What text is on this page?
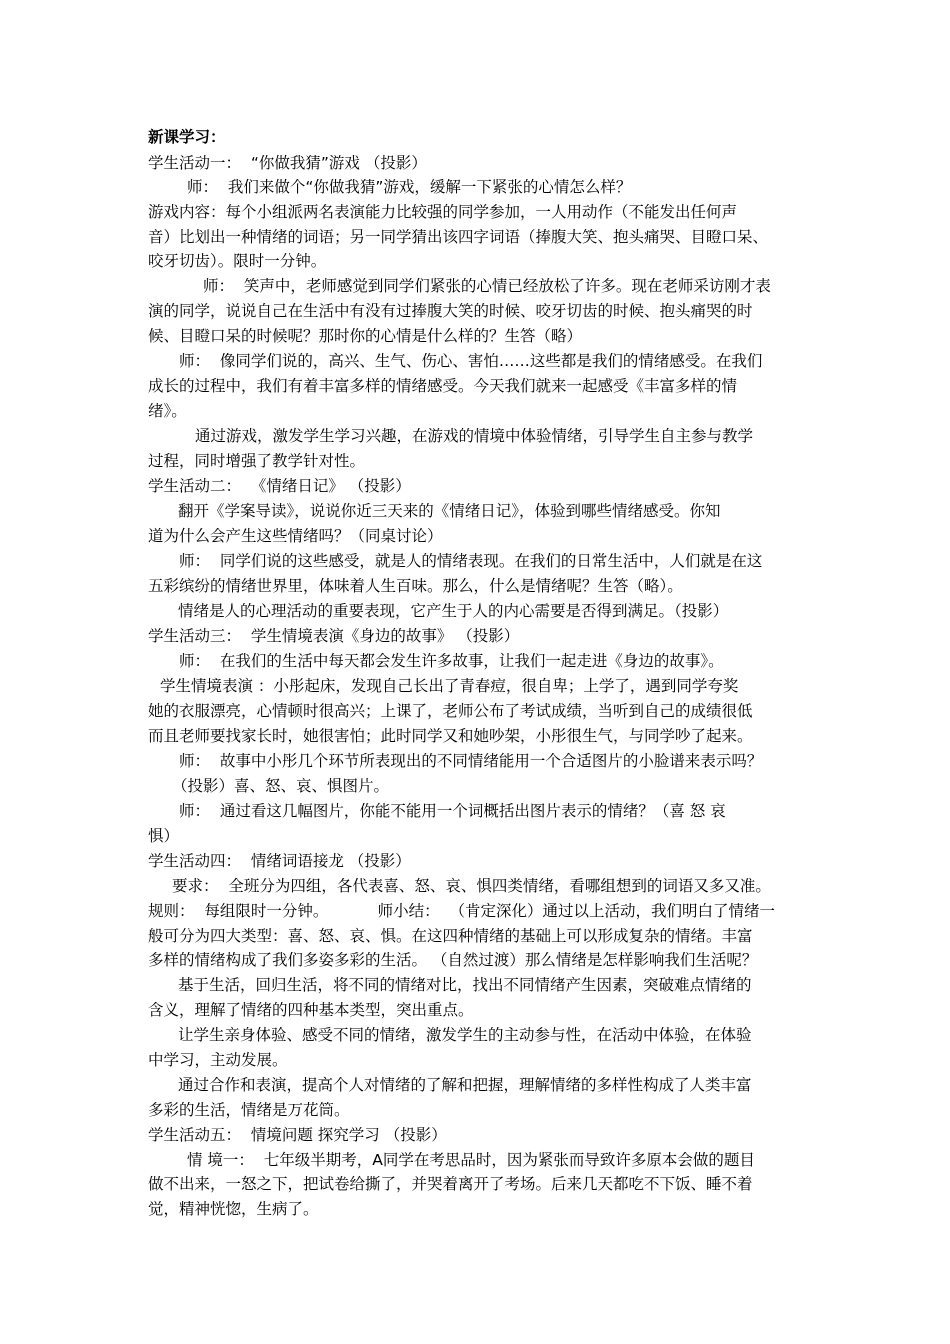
新课学习：

学生活动一：  “你做我猜”游戏 （投影）

师：  我们来做个“你做我猜”游戏，缓解一下紧张的心情怎么样？

游戏内容：每个小组派两名表演能力比较强的同学参加，一人用动作（不能发出任何声

音）比划出一种情绪的词语；另一同学猜出该四字词语（捧腹大笑、抱头痛哭、目瞪口呆、

咬牙切齿）。限时一分钟。

师：  笑声中，老师感觉到同学们紧张的心情已经放松了许多。现在老师采访刚才表

演的同学，说说自己在生活中有没有过捧腹大笑的时候、咬牙切齿的时候、抱头痛哭的时

候、目瞪口呆的时候呢？那时你的心情是什么样的？生答（略）

师：  像同学们说的，高兴、生气、伤心、害怕……这些都是我们的情绪感受。在我们

成长的过程中，我们有着丰富多样的情绪感受。今天我们就来一起感受《丰富多样的情

绪》。

通过游戏，激发学生学习兴趣，在游戏的情境中体验情绪，引导学生自主参与教学

过程，同时增强了教学针对性。

学生活动二：  《情绪日记》 （投影）

翻开《学案导读》，说说你近三天来的《情绪日记》，体验到哪些情绪感受。你知

道为什么会产生这些情绪吗？（同桌讨论）

师：  同学们说的这些感受，就是人的情绪表现。在我们的日常生活中，人们就是在这

五彩缤纷的情绪世界里，体味着人生百味。那么，什么是情绪呢？生答（略）。

情绪是人的心理活动的重要表现，它产生于人的内心需要是否得到满足。（投影）

学生活动三：  学生情境表演《身边的故事》 （投影）

师：  在我们的生活中每天都会发生许多故事，让我们一起走进《身边的故事》。

学生情境表演 ：小彤起床，发现自己长出了青春痘，很自卑；上学了，遇到同学夸奖

她的衣服漂亮，心情顿时很高兴；上课了，老师公布了考试成绩，当听到自己的成绩很低

而且老师要找家长时，她很害怕；此时同学又和她吵架，小彤很生气，与同学吵了起来。

师：  故事中小彤几个环节所表现出的不同情绪能用一个合适图片的小脸谱来表示吗？

（投影）喜、怒、哀、惧图片。

师：  通过看这几幅图片，你能不能用一个词概括出图片表示的情绪？（喜 怒 哀

惧）

学生活动四：  情绪词语接龙 （投影）

要求：  全班分为四组，各代表喜、怒、哀、惧四类情绪，看哪组想到的词语又多又准。

规则：  每组限时一分钟。          师小结：  （肯定深化）通过以上活动，我们明白了情绪一

般可分为四大类型：喜、怒、哀、惧。在这四种情绪的基础上可以形成复杂的情绪。丰富

多样的情绪构成了我们多姿多彩的生活。 （自然过渡）那么情绪是怎样影响我们生活呢？

基于生活，回归生活，将不同的情绪对比，找出不同情绪产生因素，突破难点情绪的

含义，理解了情绪的四种基本类型，突出重点。

让学生亲身体验、感受不同的情绪，激发学生的主动参与性，在活动中体验，在体验

中学习，主动发展。

通过合作和表演，提高个人对情绪的了解和把握，理解情绪的多样性构成了人类丰富

多彩的生活，情绪是万花筒。

学生活动五：  情境问题 探究学习 （投影）

情 境一：  七年级半期考，A同学在考思品时，因为紧张而导致许多原本会做的题目

做不出来，一怒之下，把试卷给撕了，并哭着离开了考场。后来几天都吃不下饭、睡不着

觉，精神恍惚，生病了。
